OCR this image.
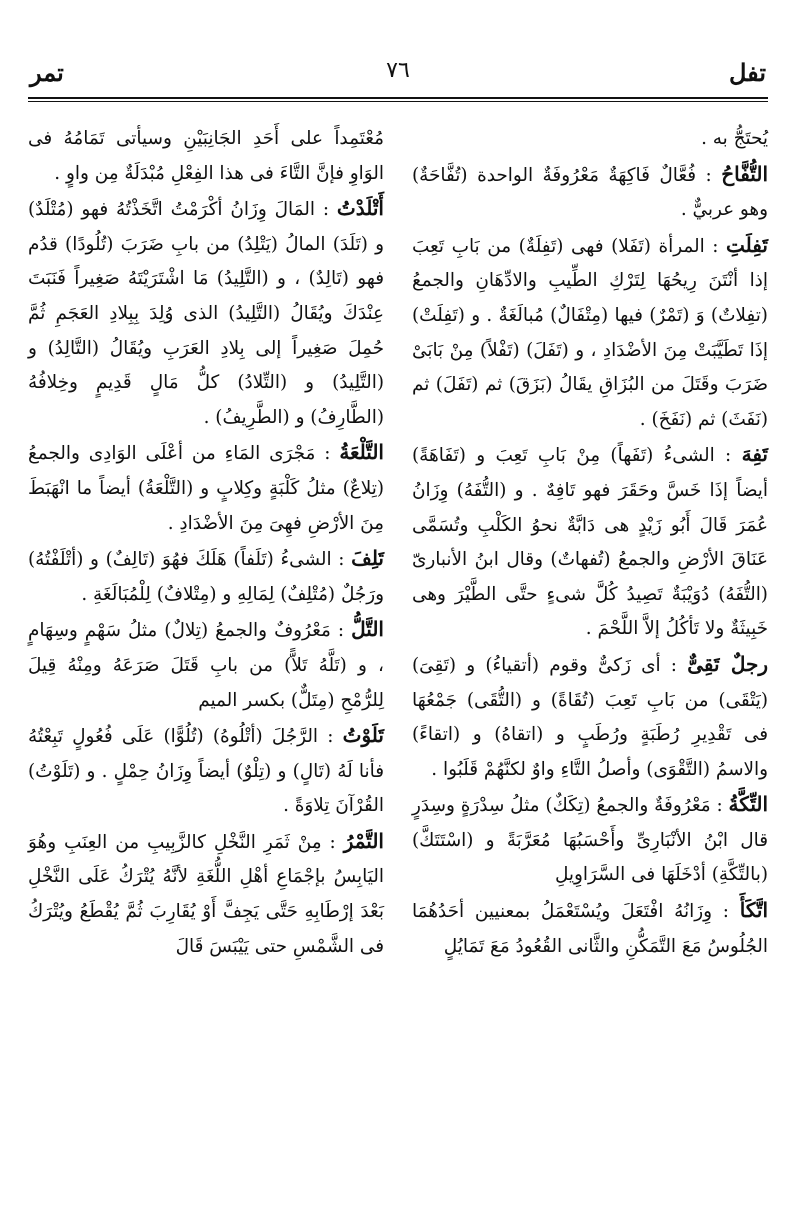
تفل
٧٦
تمر

يُحتَجُّ به .

التُّفَّاحُ : فُعَّالٌ فَاكِهَةٌ مَعْرُوفَةٌ الواحدة (تُفَّاحَةٌ) وهو عربيٌّ .

تَفِلَتِ : المرأة (تَفَلا) فهى (تَفِلَةٌ) من بَابِ تَعِبَ إذا أنْتَنَ رِيحُهَا لِتَرْكِ الطِّيبِ والادِّهَانِ والجمعُ (تفِلاتٌ) وَ (تَمْرٌ) فيها (مِتْفَالٌ) مُبالَغَةٌ . و (تَفِلَتْ) إذَا تَطَيَّبَتْ مِنَ الأضْدَادِ ، و (تَفَلَ) (تَفْلاً) مِنْ بَابَىْ ضَرَبَ وقَتَلَ من البُزَاقِ يقَالُ (بَزَقَ) ثم (تَفَلَ) ثم (نَفَثَ) ثم (نَفَخَ) .

تَفِهَ : الشىءُ (تَفَهاً) مِنْ بَابِ تَعِبَ و (تَفَاهَةً) أيضاً إذَا خَسَّ وحَقَرَ فهو تَافِهٌ . و (التُّفَهُ) وِزَانُ عُمَرَ قَالَ أَبُو زَيْدٍ هى دَابَّةٌ نحوُ الكَلْبِ وتُسَمَّى عَنَاقَ الأرْضِ والجمعُ (تُفهاتٌ) وقال ابنُ الأنبارىّ (التُّفَهُ) دُوَيْبَةٌ تَصِيدُ كُلَّ شىءٍ حتَّى الطَّيْرَ وهى خَبِيثَةٌ ولا تَأكُلُ إلاَّ اللَّحْمَ .

رجلٌ تَقِىٌّ : أى زَكىٌّ وقوم (أتقياءُ) و (تَقِىَ) (يَتْقَى) من بَابِ تَعِبَ (تُقَاةً) و (التُّقَى) جَمْعُهَا فى تَقْدِيرِ رُطَبَةٍ ورُطَبٍ و (اتقاهُ) و (اتقاءً) والاسمُ (التَّقْوَى) وأصلُ التَّاءِ واوٌ لكنَّهُمْ قَلَبُوا .

التِّكَّةُ : مَعْرُوفَةٌ والجمعُ (تِكَكٌ) مثلُ سِدْرَةٍ وسِدَرٍ قال ابْنُ الأنْبَارِىِّ وأَحْسَبُهَا مُعَرَّبَةً و (اسْتَتَكَّ) (بالتِّكَّةِ) أدْخَلَهَا فى السَّرَاوِيلِ

اتَّكَأَ : وِزَانُهُ افْتَعَلَ ويُسْتَعْمَلُ بمعنيين أحَدُهُمَا الجُلُوسُ مَعَ التَّمَكُّنِ والثَّانى القُعُودُ مَعَ تَمَايُلٍ

مُعْتَمِداً على أَحَدِ الجَانِبَيْنِ وسيأتى تَمَامُهُ فى الوَاوِ فإنَّ التَّاءَ فى هذا الفِعْلِ مُبْدَلَةٌ مِن واوٍ .

أَتْلَدْتُ : المَالَ وِزَانُ أكْرَمْتُ اتَّخَذْتُهُ فهو (مُتْلَدٌ) و (تَلَدَ) المالُ (يَتْلِدُ) من بابِ ضَرَبَ (تُلُودًا) قدُم فهو (تَالِدٌ) ، و (التَّلِيدُ) مَا اشْتَرَيْتَهُ صَغِيراً فَنَبَتَ عِنْدَكَ ويُقَالُ (التَّلِيدُ) الذى وُلِدَ بِبِلادِ العَجَمِ ثُمَّ حُمِلَ صَغِيراً إلى بِلادِ العَرَبِ ويُقَالُ (التَّالِدُ) و (التَّلِيدُ) و (التِّلادُ) كلُّ مَالٍ قَدِيمٍ وخِلافُهُ (الطَّارِفُ) و (الطَّرِيفُ) .

التَّلْعَةُ : مَجْرَى المَاءِ من أعْلَى الوَادِى والجمعُ (تِلاعٌ) مثلُ كَلْبَةٍ وكِلابٍ و (التَّلْعَةُ) أيضاً ما انْهَبَطَ مِنَ الأرْضِ فهِىَ مِنَ الأضْدَادِ .

تَلِفَ : الشىءُ (تَلَفاً) هَلَكَ فهُوَ (تَالِفٌ) و (أتْلَفْتُهُ) ورَجُلٌ (مُتْلِفٌ) لِمَالِهِ و (مِتْلافٌ) لِلْمُبَالَغَةِ .

التَّلُّ : مَعْرُوفٌ والجمعُ (تِلالٌ) مثلُ سَهْمٍ وسِهَامٍ ، و (تَلَّهُ تَلاًّ) من بابِ قَتَلَ صَرَعَهُ ومِنْهُ قِيلَ لِلرُّمْحِ (مِتَلٌّ) بكسر الميم

تَلَوْتُ : الرَّجُلَ (أتْلُوهُ) (تُلُوًّا) عَلَى فُعُولٍ تَبِعْتُهُ فأنا لَهُ (تَالٍ) و (تِلْوٌ) أيضاً وِزَانُ حِمْلٍ . و (تَلَوْتُ) القُرْآنَ تِلاوَةً .

التَّمْرُ : مِنْ ثَمَرِ النَّخْلِ كالزَّبِيبِ من العِنَبِ وهُوَ اليَابِسُ بإجْمَاعِ أهْلِ اللُّغَةِ لأنَّهُ يُتْرَكُ عَلَى النَّخْلِ بَعْدَ إرْطَابِهِ حَتَّى يَجِفَّ أَوْ يُقَارِبَ ثُمَّ يُقْطَعُ ويُتْرَكُ فى الشَّمْسِ حتى يَيْبَسَ قَالَ
